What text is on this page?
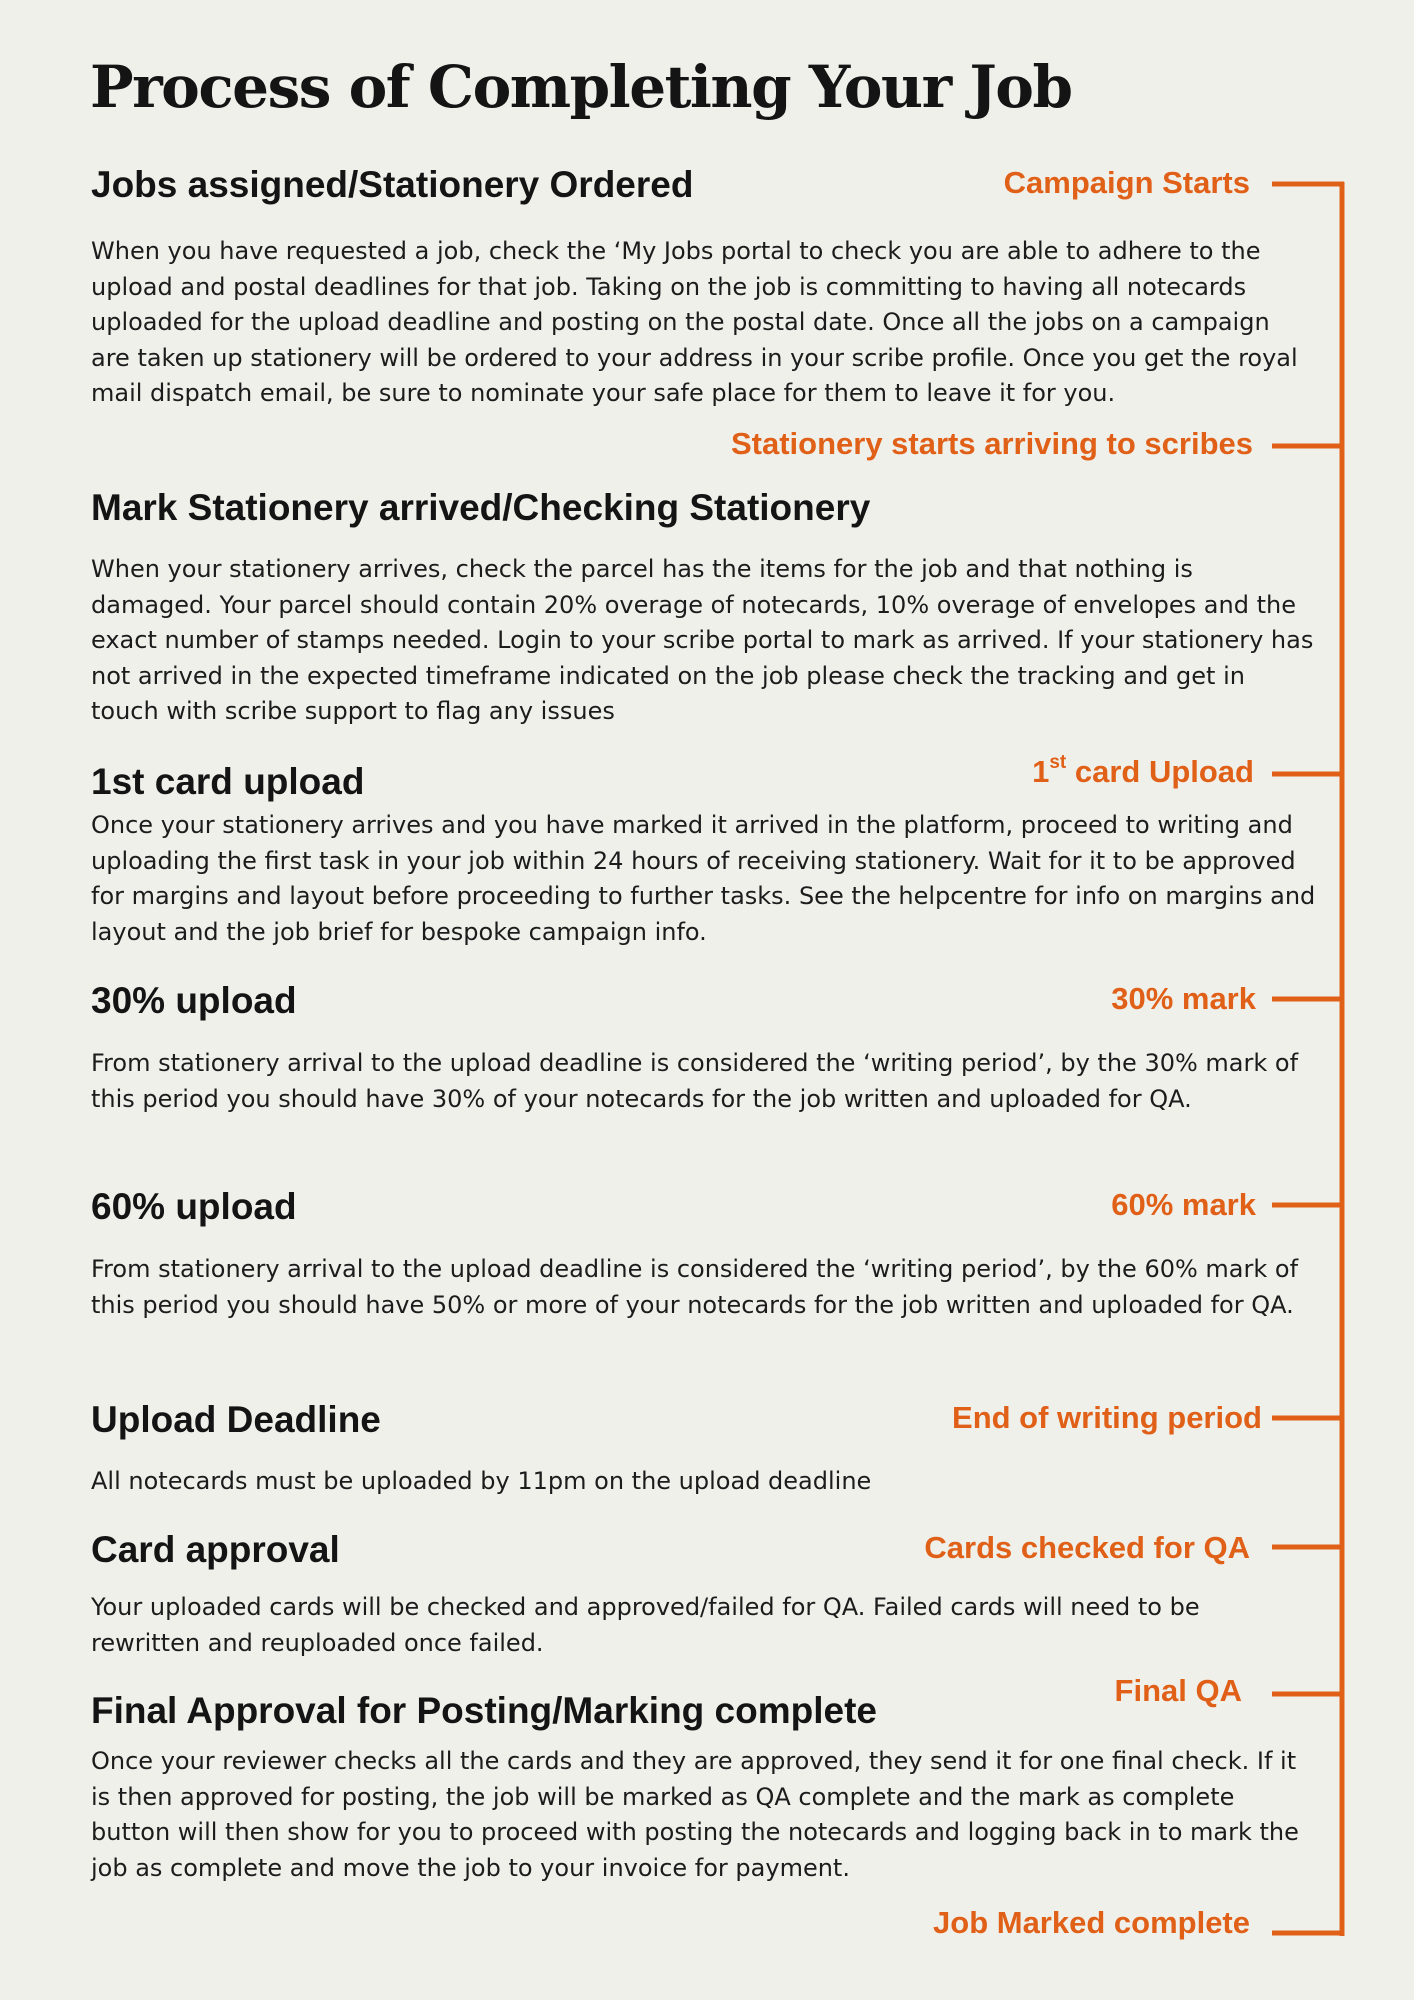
Process of Completing Your Job
Jobs assigned/Stationery Ordered

When you have requested a job, check the ‘My Jobs portal to check you are able to adhere to the upload and postal deadlines for that job. Taking on the job is committing to having all notecards uploaded for the upload deadline and posting on the postal date. Once all the jobs on a campaign are taken up stationery will be ordered to your address in your scribe profile. Once you get the royal mail dispatch email, be sure to nominate your safe place for them to leave it for you.

Mark Stationery arrived/Checking Stationery

When your stationery arrives, check the parcel has the items for the job and that nothing is damaged. Your parcel should contain 20% overage of notecards, 10% overage of envelopes and the exact number of stamps needed. Login to your scribe portal to mark as arrived. If your stationery has not arrived in the expected timeframe indicated on the job please check the tracking and get in touch with scribe support to flag any issues

1st card upload

Once your stationery arrives and you have marked it arrived in the platform, proceed to writing and uploading the first task in your job within 24 hours of receiving stationery. Wait for it to be approved for margins and layout before proceeding to further tasks. See the helpcentre for info on margins and layout and the job brief for bespoke campaign info.

30% upload

From stationery arrival to the upload deadline is considered the ‘writing period’, by the 30% mark of this period you should have 30% of your notecards for the job written and uploaded for QA.

60% upload

From stationery arrival to the upload deadline is considered the ‘writing period’, by the 60% mark of this period you should have 50% or more of your notecards for the job written and uploaded for QA.

Upload Deadline

All notecards must be uploaded by 11pm on the upload deadline

Card approval

Your uploaded cards will be checked and approved/failed for QA. Failed cards will need to be rewritten and reuploaded once failed.

Final Approval for Posting/Marking complete

Once your reviewer checks all the cards and they are approved, they send it for one final check. If it is then approved for posting, the job will be marked as QA complete and the mark as complete button will then show for you to proceed with posting the notecards and logging back in to mark the job as complete and move the job to your invoice for payment.

Campaign Starts
Stationery starts arriving to scribes
1st card Upload
30% mark
60% mark
End of writing period
Cards checked for QA
Final QA
Job Marked complete
